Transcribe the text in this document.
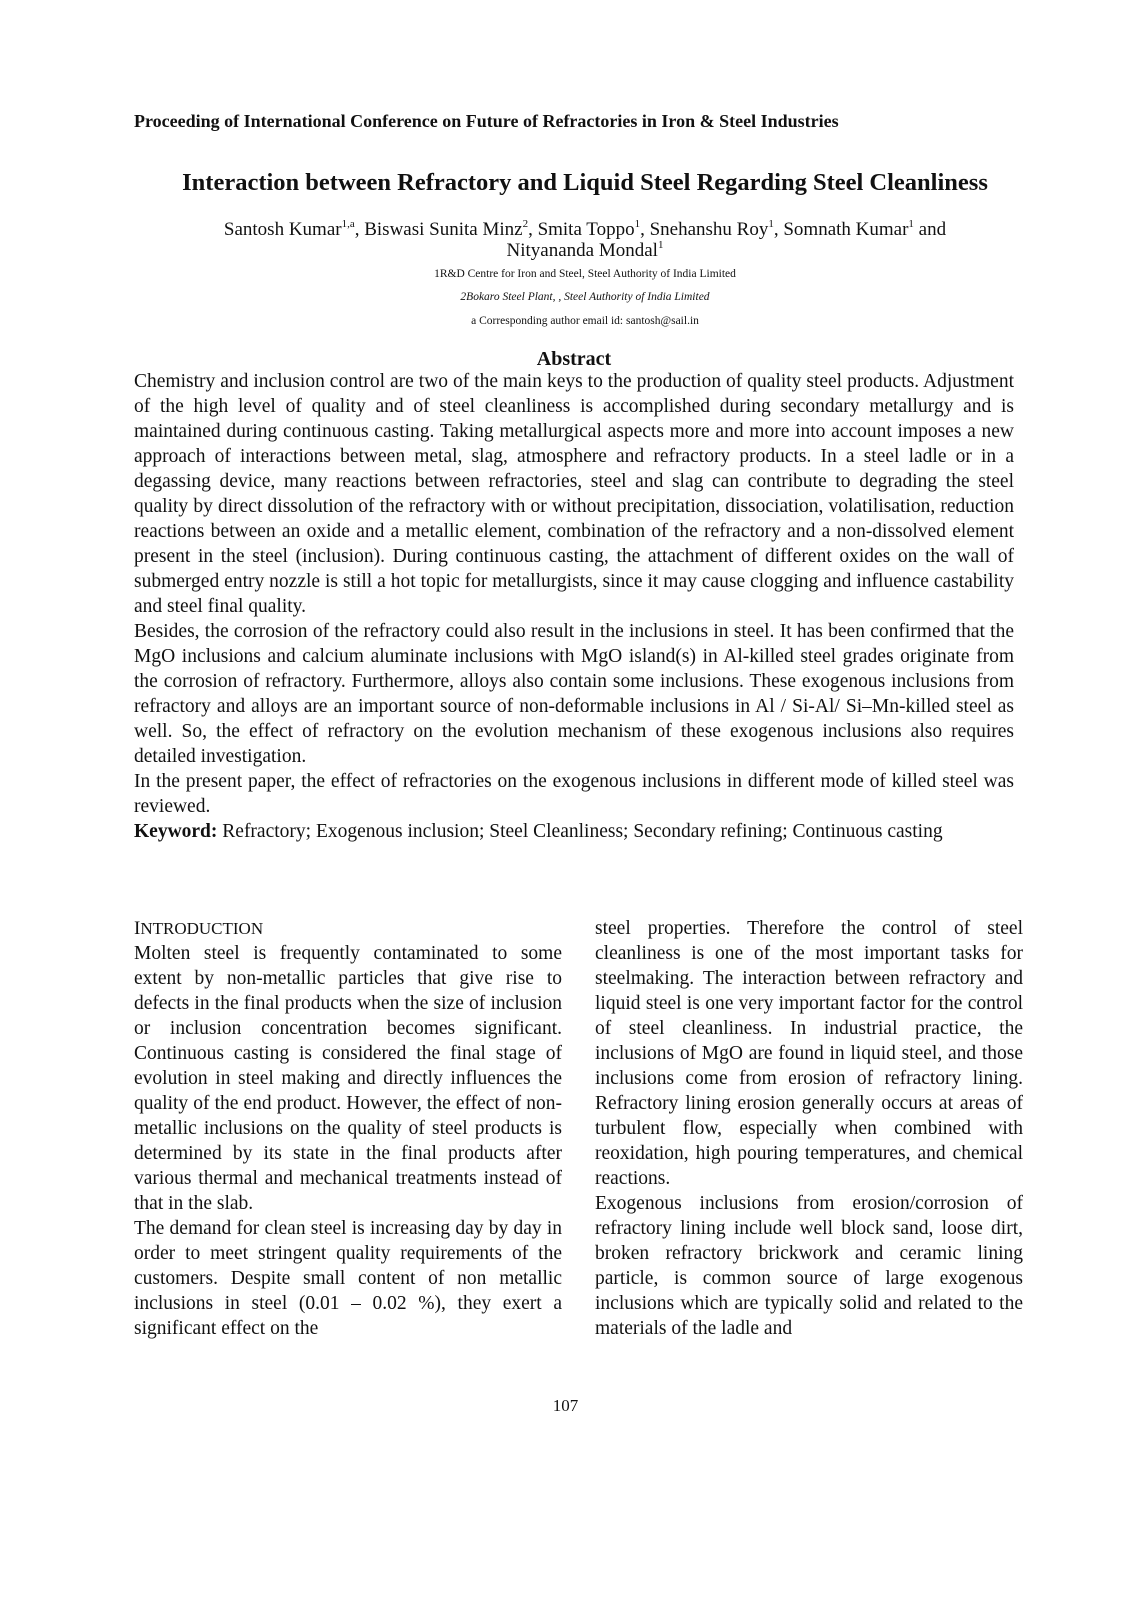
Proceeding of International Conference on Future of Refractories in Iron & Steel Industries
Interaction between Refractory and Liquid Steel Regarding Steel Cleanliness
Santosh Kumar$^{1,a}$, Biswasi Sunita Minz$^2$, Smita Toppo$^1$, Snehanshu Roy$^1$, Somnath Kumar$^1$ and
Nityananda Mondal$^1$
1R&D Centre for Iron and Steel, Steel Authority of India Limited
2Bokaro Steel Plant, , Steel Authority of India Limited
a Corresponding author email id: santosh@sail.in
Abstract

Chemistry and inclusion control are two of the main keys to the production of quality steel products. Adjustment of the high level of quality and of steel cleanliness is accomplished during secondary metallurgy and is maintained during continuous casting. Taking metallurgical aspects more and more into account imposes a new approach of interactions between metal, slag, atmosphere and refractory products. In a steel ladle or in a degassing device, many reactions between refractories, steel and slag can contribute to degrading the steel quality by direct dissolution of the refractory with or without precipitation, dissociation, volatilisation, reduction reactions between an oxide and a metallic element, combination of the refractory and a non-dissolved element present in the steel (inclusion). During continuous casting, the attachment of different oxides on the wall of submerged entry nozzle is still a hot topic for metallurgists, since it may cause clogging and influence castability and steel final quality.

Besides, the corrosion of the refractory could also result in the inclusions in steel. It has been confirmed that the MgO inclusions and calcium aluminate inclusions with MgO island(s) in Al-killed steel grades originate from the corrosion of refractory. Furthermore, alloys also contain some inclusions. These exogenous inclusions from refractory and alloys are an important source of non-deformable inclusions in Al / Si-Al/ Si–Mn-killed steel as well. So, the effect of refractory on the evolution mechanism of these exogenous inclusions also requires detailed investigation.

In the present paper, the effect of refractories on the exogenous inclusions in different mode of killed steel was reviewed.

Keyword: Refractory; Exogenous inclusion; Steel Cleanliness; Secondary refining; Continuous casting

INTRODUCTION

Molten steel is frequently contaminated to some extent by non-metallic particles that give rise to defects in the final products when the size of inclusion or inclusion concentration becomes significant. Continuous casting is considered the final stage of evolution in steel making and directly influences the quality of the end product. However, the effect of non-metallic inclusions on the quality of steel products is determined by its state in the final products after various thermal and mechanical treatments instead of that in the slab.

The demand for clean steel is increasing day by day in order to meet stringent quality requirements of the customers. Despite small content of non metallic inclusions in steel (0.01 – 0.02 %), they exert a significant effect on the

steel properties. Therefore the control of steel cleanliness is one of the most important tasks for steelmaking. The interaction between refractory and liquid steel is one very important factor for the control of steel cleanliness. In industrial practice, the inclusions of MgO are found in liquid steel, and those inclusions come from erosion of refractory lining. Refractory lining erosion generally occurs at areas of turbulent flow, especially when combined with reoxidation, high pouring temperatures, and chemical reactions.

Exogenous inclusions from erosion/corrosion of refractory lining include well block sand, loose dirt, broken refractory brickwork and ceramic lining particle, is common source of large exogenous inclusions which are typically solid and related to the materials of the ladle and

107
